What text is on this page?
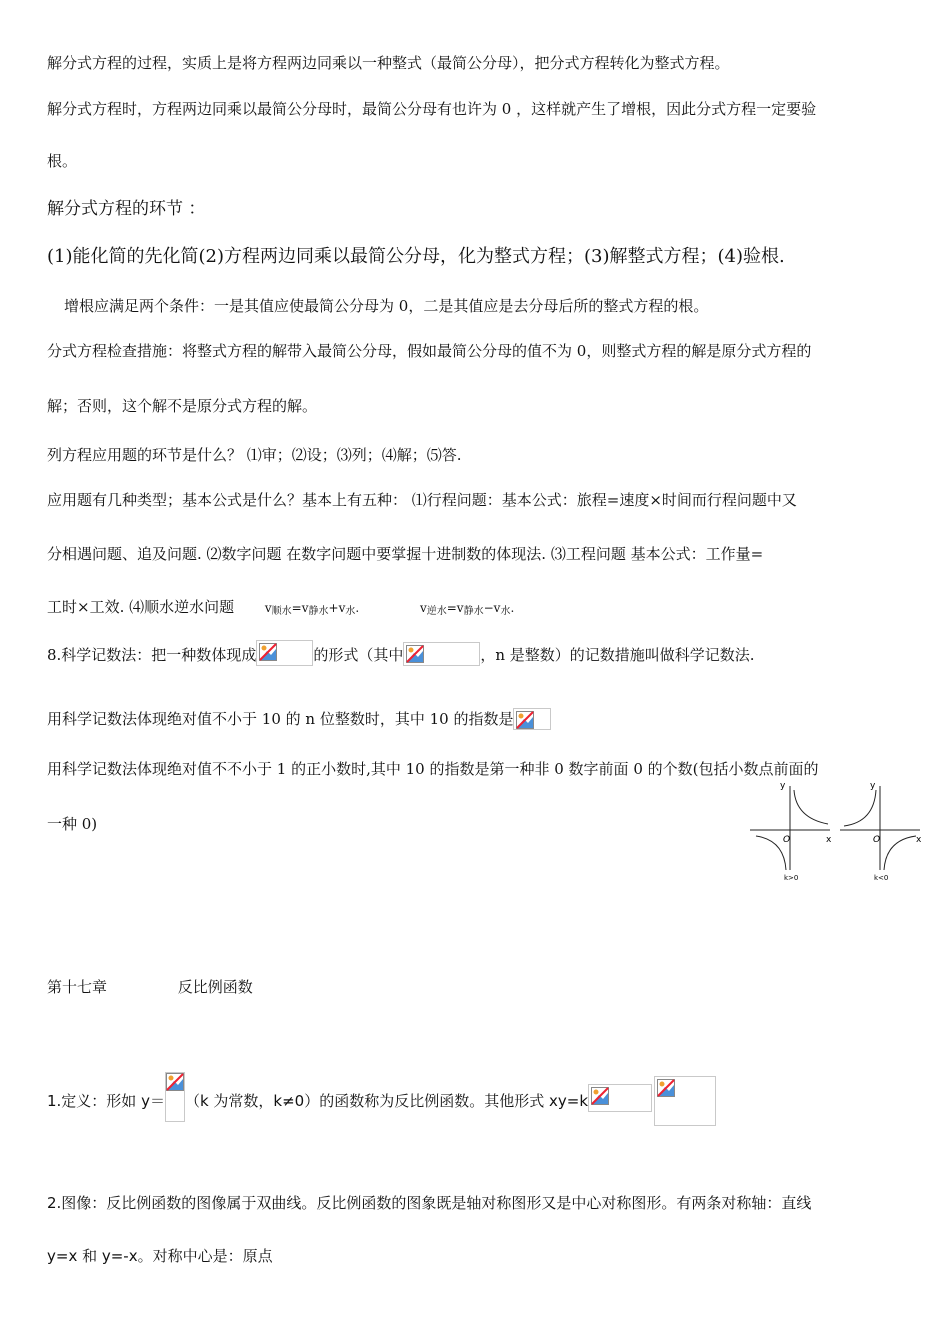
解分式方程的过程，实质上是将方程两边同乘以一种整式（最简公分母），把分式方程转化为整式方程。
解分式方程时，方程两边同乘以最简公分母时，最简公分母有也许为 0 ，这样就产生了增根，因此分式方程一定要验
根。
解分式方程的环节 ：
(1)能化简的先化简(2)方程两边同乘以最简公分母，化为整式方程；(3)解整式方程；(4)验根.
增根应满足两个条件：一是其值应使最简公分母为 0，二是其值应是去分母后所的整式方程的根。
分式方程检查措施：将整式方程的解带入最简公分母，假如最简公分母的值不为 0，则整式方程的解是原分式方程的
解；否则，这个解不是原分式方程的解。
列方程应用题的环节是什么？ ⑴审；⑵设；⑶列；⑷解；⑸答.
应用题有几种类型；基本公式是什么？基本上有五种： ⑴行程问题：基本公式：旅程=速度×时间而行程问题中又
分相遇问题、追及问题. ⑵数字问题 在数字问题中要掌握十进制数的体现法. ⑶工程问题 基本公式：工作量=
工时×工效. ⑷顺水逆水问题	$v_{顺水}=v_{静水}+v_水$.	$v_{逆水}=v_{静水}-v_水$.
8.科学记数法：把一种数体现成	的形式（其中	，n 是整数）的记数措施叫做科学记数法.
用科学记数法体现绝对值不小于 10 的 n 位整数时，其中 10 的指数是
用科学记数法体现绝对值不不小于 1 的正小数时,其中 10 的指数是第一种非 0 数字前面 0 的个数(包括小数点前面的
一种 0)
y
x
O
k>0
y
x
O
k<0
第十七章	反比例函数
1.定义：形如 y＝ （k 为常数，k≠0）的函数称为反比例函数。其他形式 xy=k
2.图像：反比例函数的图像属于双曲线。反比例函数的图象既是轴对称图形又是中心对称图形。有两条对称轴：直线
y=x 和 y=-x。对称中心是：原点
